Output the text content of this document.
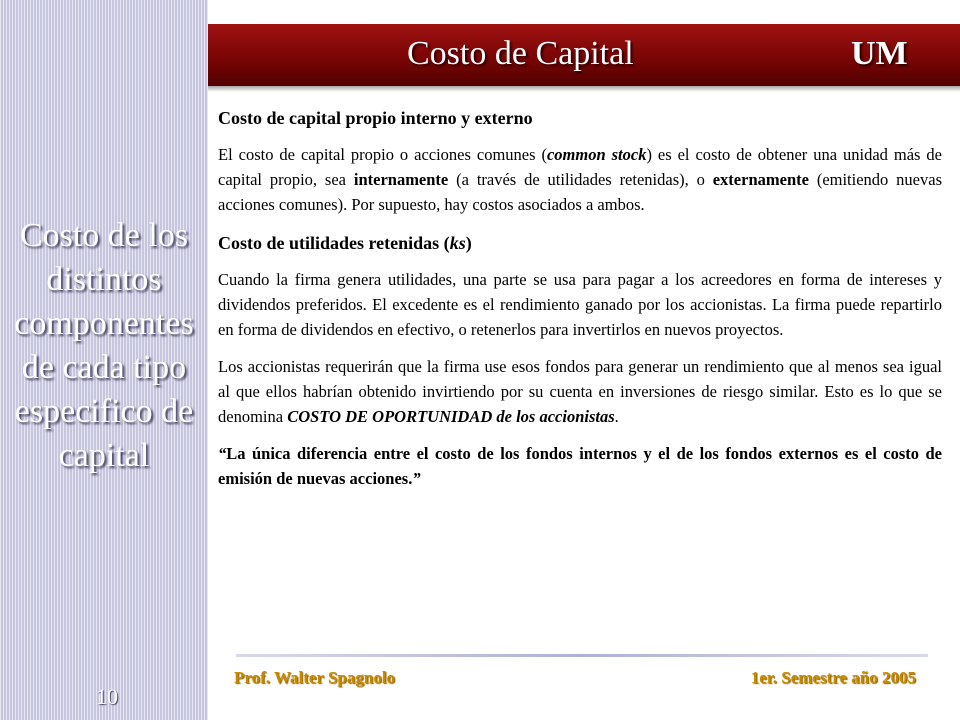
Costo de los distintos componentes de cada tipo especifico de capital
10
Costo de Capital	UM
Costo de capital propio interno y externo

El costo de capital propio o acciones comunes (common stock) es el costo de obtener una unidad más de capital propio, sea internamente (a través de utilidades retenidas), o externamente (emitiendo nuevas acciones comunes). Por supuesto, hay costos asociados a ambos.

Costo de utilidades retenidas (ks)

Cuando la firma genera utilidades, una parte se usa para pagar a los acreedores en forma de intereses y dividendos preferidos. El excedente es el rendimiento ganado por los accionistas. La firma puede repartirlo en forma de dividendos en efectivo, o retenerlos para invertirlos en nuevos proyectos.

Los accionistas requerirán que la firma use esos fondos para generar un rendimiento que al menos sea igual al que ellos habrían obtenido invirtiendo por su cuenta en inversiones de riesgo similar. Esto es lo que se denomina COSTO DE OPORTUNIDAD de los accionistas.

“La única diferencia entre el costo de los fondos internos y el de los fondos externos es el costo de emisión de nuevas acciones.”

Prof. Walter Spagnolo	1er. Semestre año 2005
